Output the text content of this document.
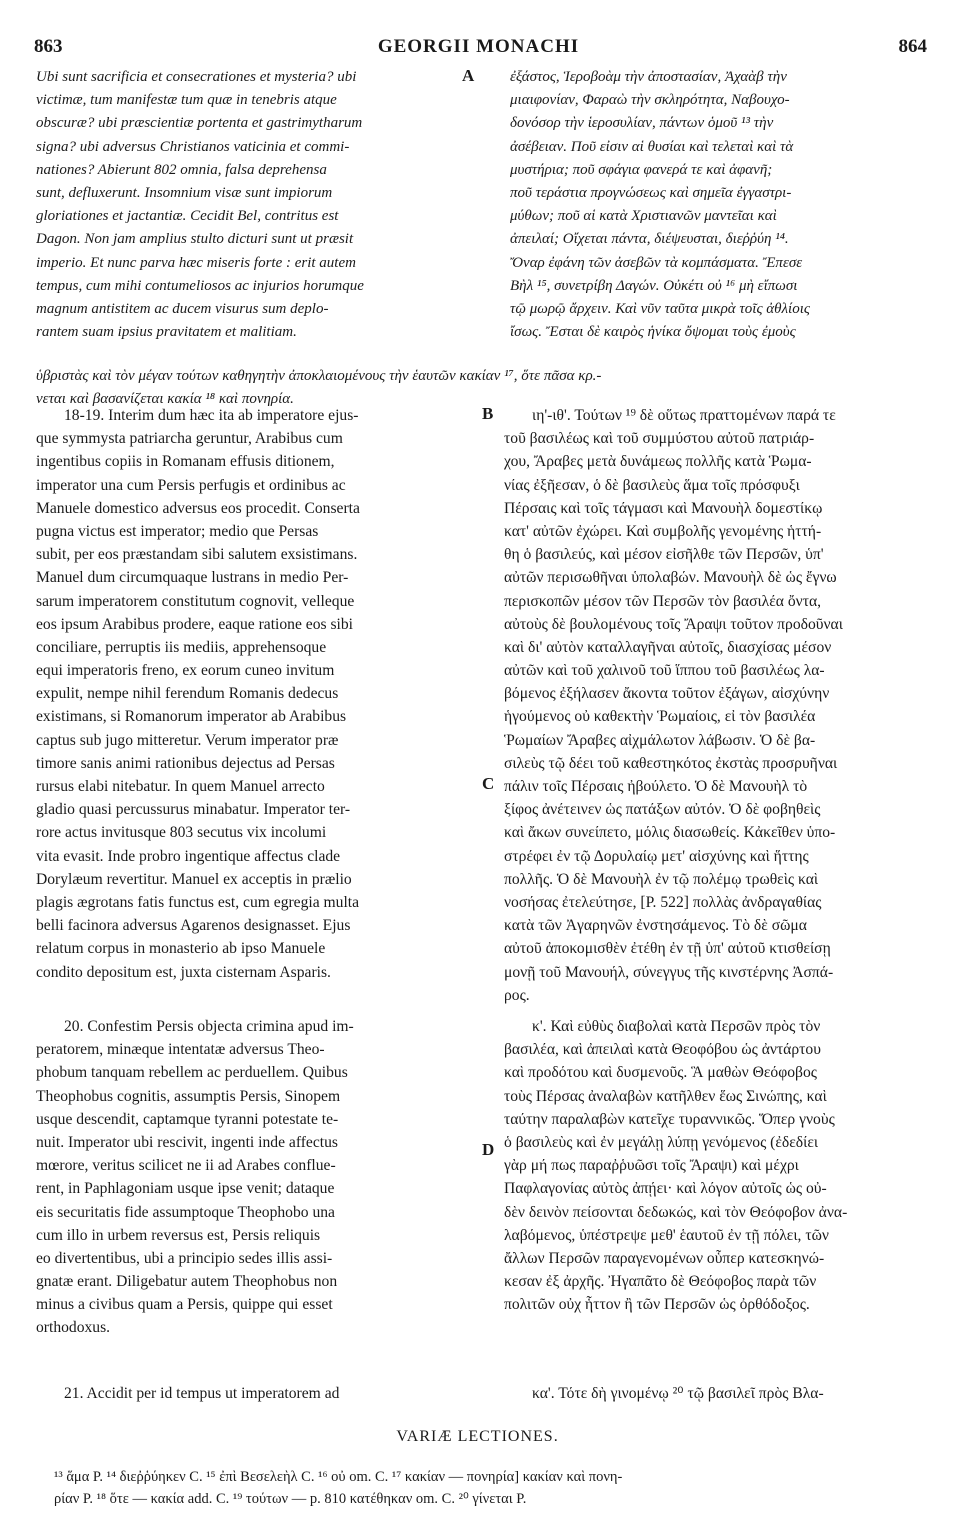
863	GEORGII MONACHI	864
Ubi sunt sacrificia et consecrationes et mysteria? ubi
victimæ, tum manifestæ tum quæ in tenebris atque
obscuræ? ubi præscientiæ portenta et gastrimytharum
signa? ubi adversus Christianos vaticinia et commi-
nationes? Abierunt 802 omnia, falsa deprehensa
sunt, defluxerunt. Insomnium visæ sunt impiorum
gloriationes et jactantiæ. Cecidit Bel, contritus est
Dagon. Non jam amplius stulto dicturi sunt ut præsit
imperio. Et nunc parva hæc miseris forte : erit autem
tempus, cum mihi contumeliosos ac injurios horumque
magnum antistitem ac ducem visurus sum deplo-
rantem suam ipsius pravitatem et malitiam.
A ἐξάστος, Ἱεροβοὰμ τὴν ἀποστασίαν, Ἀχαὰβ τὴν
μιαιφονίαν, Φαραὼ τὴν σκληρότητα, Ναβουχο-
δονόσορ τὴν ἱεροσυλίαν, πάντων ὁμοῦ ¹³ τὴν
ἀσέβειαν. Ποῦ εἰσιν αἱ θυσίαι καὶ τελεταὶ καὶ τὰ
μυστήρια; ποῦ σφάγια φανερά τε καὶ ἀφανῆ;
ποῦ τεράστια προγνώσεως καὶ σημεῖα ἐγγαστρι-
μύθων; ποῦ αἱ κατὰ Χριστιανῶν μαντεῖαι καὶ
ἀπειλαί; Οἴχεται πάντα, διέψευσται, διεῤῥύη ¹⁴.
Ὄναρ ἐφάνη τῶν ἀσεβῶν τὰ κομπάσματα. Ἔπεσε
Βὴλ ¹⁵, συνετρίβη Δαγών. Οὐκέτι οὐ ¹⁶ μὴ εἴπωσι
τῷ μωρῷ ἄρχειν. Καὶ νῦν ταῦτα μικρὰ τοῖς ἀθλίοις
ἴσως. Ἔσται δὲ καιρὸς ἡνίκα ὄψομαι τοὺς ἐμοὺς
ὑβριστὰς καὶ τὸν μέγαν τούτων καθηγητὴν ἀποκλαιομένους τὴν ἑαυτῶν κακίαν ¹⁷, ὅτε πᾶσα κρ.-
νεται καὶ βασανίζεται κακία ¹⁸ καὶ πονηρία.
18-19. Interim dum hæc ita ab imperatore ejus-
que symmysta patriarcha geruntur, Arabibus cum
ingentibus copiis in Romanam effusis ditionem,
imperator una cum Persis perfugis et ordinibus ac
Manuele domestico adversus eos procedit. Conserta
pugna victus est imperator; medio que Persas
subit, per eos præstandam sibi salutem exsistimans.
Manuel dum circumquaque lustrans in medio Per-
sarum imperatorem constitutum cognovit, velleque
eos ipsum Arabibus prodere, eaque ratione eos sibi
conciliare, perruptis iis mediis, apprehensoque
equi imperatoris freno, ex eorum cuneo invitum
expulit, nempe nihil ferendum Romanis dedecus
existimans, si Romanorum imperator ab Arabibus
captus sub jugo mitteretur. Verum imperator præ
timore sanis animi rationibus dejectus ad Persas
rursus elabi nitebatur. In quem Manuel arrecto
gladio quasi percussurus minabatur. Imperator ter-
rore actus invitusque 803 secutus vix incolumi
vita evasit. Inde probro ingentique affectus clade
Dorylæum revertitur. Manuel ex acceptis in prælio
plagis ægrotans fatis functus est, cum egregia multa
belli facinora adversus Agarenos designasset. Ejus
relatum corpus in monasterio ab ipso Manuele
condito depositum est, juxta cisternam Asparis.
B	ιη'-ιθ'. Τούτων ¹⁹ δὲ οὕτως πραττομένων παρά τε
τοῦ βασιλέως καὶ τοῦ συμμύστου αὐτοῦ πατριάρ-
χου, Ἄραβες μετὰ δυνάμεως πολλῆς κατὰ Ῥωμα-
νίας ἐξῆεσαν, ὁ δὲ βασιλεὺς ἅμα τοῖς πρόσφυξι
Πέρσαις καὶ τοῖς τάγμασι καὶ Μανουὴλ δομεστίκῳ
κατ' αὐτῶν ἐχώρει. Καὶ συμβολῆς γενομένης ἡττή-
θη ὁ βασιλεύς, καὶ μέσον εἰσῆλθε τῶν Περσῶν, ὑπ'
αὐτῶν περισωθῆναι ὑπολαβών. Μανουὴλ δὲ ὡς ἔγνω
περισκοπῶν μέσον τῶν Περσῶν τὸν βασιλέα ὄντα,
αὐτοὺς δὲ βουλομένους τοῖς Ἄραψι τοῦτον προδοῦναι
καὶ δι' αὐτὸν καταλλαγῆναι αὐτοῖς, διασχίσας μέσον
αὐτῶν καὶ τοῦ χαλινοῦ τοῦ ἵππου τοῦ βασιλέως λα-
βόμενος ἐξήλασεν ἄκοντα τοῦτον ἐξάγων, αἰσχύνην
ἡγούμενος οὐ καθεκτὴν Ῥωμαίοις, εἰ τὸν βασιλέα
Ῥωμαίων Ἄραβες αἰχμάλωτον λάβωσιν. Ὁ δὲ βα-
σιλεὺς τῷ δέει τοῦ καθεστηκότος ἐκστὰς προσρυῆναι
πάλιν τοῖς Πέρσαις ἠβούλετο. Ὁ δὲ Μανουὴλ τὸ
ξίφος ἀνέτεινεν ὡς πατάξων αὐτόν. Ὁ δὲ φοβηθεὶς
καὶ ἄκων συνείπετο, μόλις διασωθείς. Κἀκεῖθεν ὑπο-
στρέφει ἐν τῷ Δορυλαίῳ μετ' αἰσχύνης καὶ ἥττης
πολλῆς. Ὁ δὲ Μανουὴλ ἐν τῷ πολέμῳ τρωθεὶς καὶ
νοσήσας ἐτελεύτησε, [P. 522] πολλὰς ἀνδραγαθίας
κατὰ τῶν Ἀγαρηνῶν ἐνστησάμενος. Τὸ δὲ σῶμα
αὐτοῦ ἀποκομισθὲν ἐτέθη ἐν τῇ ὑπ' αὐτοῦ κτισθείσῃ
μονῇ τοῦ Μανουήλ, σύνεγγυς τῆς κινστέρνης Ἀσπά-
ρος.
C
20. Confestim Persis objecta crimina apud im-
peratorem, minæque intentatæ adversus Theo-
phobum tanquam rebellem ac perduellem. Quibus
Theophobus cognitis, assumptis Persis, Sinopem
usque descendit, captamque tyranni potestate te-
nuit. Imperator ubi rescivit, ingenti inde affectus
mœrore, veritus scilicet ne ii ad Arabes conflue-
rent, in Paphlagoniam usque ipse venit; dataque
eis securitatis fide assumptoque Theophobo una
cum illo in urbem reversus est, Persis reliquis
eo divertentibus, ubi a principio sedes illis assi-
gnatæ erant. Diligebatur autem Theophobus non
minus a civibus quam a Persis, quippe qui esset
orthodoxus.
D
κ'. Καὶ εὐθὺς διαβολαὶ κατὰ Περσῶν πρὸς τὸν
βασιλέα, καὶ ἀπειλαὶ κατὰ Θεοφόβου ὡς ἀντάρτου
καὶ προδότου καὶ δυσμενοῦς. Ἃ μαθὼν Θεόφοβος
τοὺς Πέρσας ἀναλαβὼν κατῆλθεν ἕως Σινώπης, καὶ
ταύτην παραλαβὼν κατεῖχε τυραννικῶς. Ὅπερ γνοὺς
ὁ βασιλεὺς καὶ ἐν μεγάλῃ λύπῃ γενόμενος (ἐδεδίει
γὰρ μή πως παραῤῥυῶσι τοῖς Ἄραψι) καὶ μέχρι
Παφλαγονίας αὐτὸς ἀπῄει· καὶ λόγον αὐτοῖς ὡς οὐ-
δὲν δεινὸν πείσονται δεδωκώς, καὶ τὸν Θεόφοβον ἀνα-
λαβόμενος, ὑπέστρεψε μεθ' ἑαυτοῦ ἐν τῇ πόλει, τῶν
ἄλλων Περσῶν παραγενομένων οὗπερ κατεσκηνώ-
κεσαν ἐξ ἀρχῆς. Ἠγαπᾶτο δὲ Θεόφοβος παρὰ τῶν
πολιτῶν οὐχ ἧττον ἢ τῶν Περσῶν ὡς ὀρθόδοξος.
21. Accidit per id tempus ut imperatorem ad	κα'. Τότε δὴ γινομένῳ ²⁰ τῷ βασιλεῖ πρὸς Βλα-
VARIÆ LECTIONES.
¹³ ἅμα P. ¹⁴ διεῤῥύηκεν C. ¹⁵ ἐπὶ Βεσελεὴλ C. ¹⁶ οὐ om. C. ¹⁷ κακίαν — πονηρία] κακίαν καὶ πονη-
ρίαν P. ¹⁸ ὅτε — κακία add. C. ¹⁹ τούτων — p. 810 κατέθηκαν om. C. ²⁰ γίνεται P.
